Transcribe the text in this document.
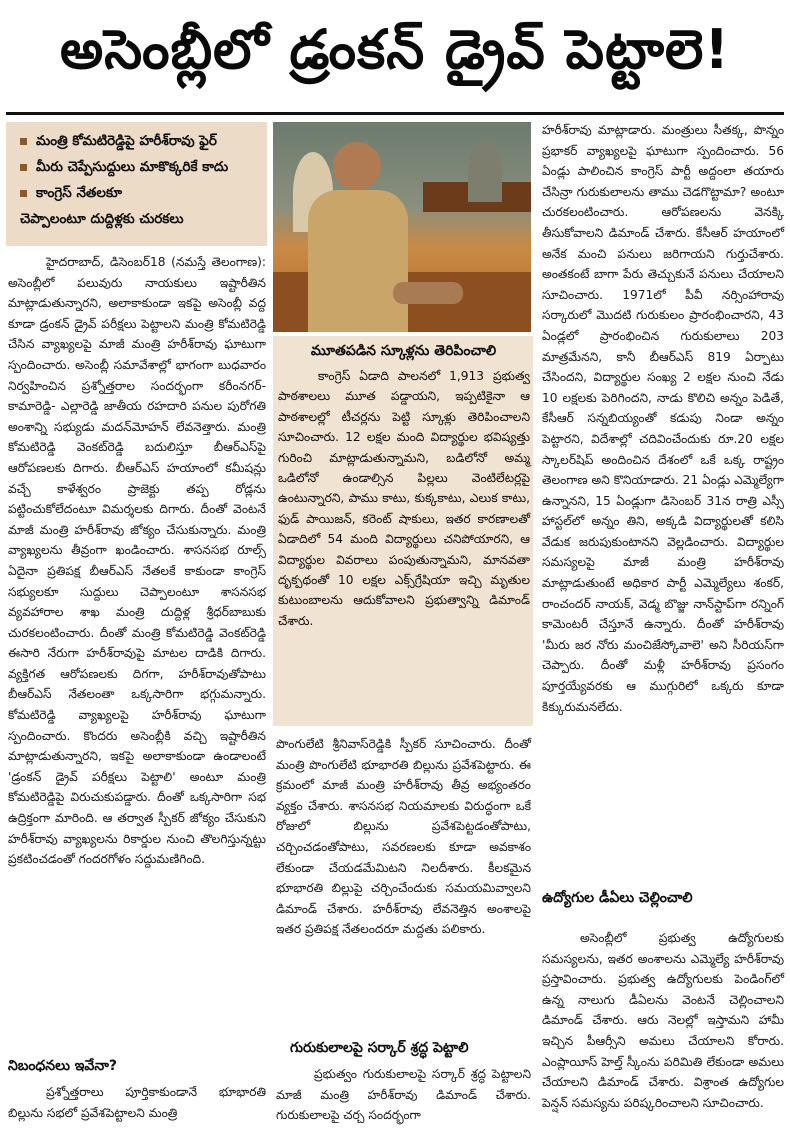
అసెంబ్లీలో డ్రంకన్ డ్రైవ్ పెట్టాలె!
మంత్రి కోమటిరెడ్డిపై హరీశ్‌రావు ఫైర్
మీరు చెప్పేసుద్దులు మాకొక్కరికే కాదు
కాంగ్రెస్ నేతలకూ
చెప్పాలంటూ దుద్దిళ్లకు చురకలు

హైదరాబాద్, డిసెంబర్18 (నమస్తే తెలంగాణ): అసెంబ్లీలో పలువురు నాయకులు ఇష్టారీతిన మాట్లాడుతున్నారని, అలాకాకుండా ఇకపై అసెంబ్లీ వద్ద కూడా డ్రంకన్ డ్రైవ్ పరీక్షలు పెట్టాలని మంత్రి కోమటిరెడ్డి చేసిన వ్యాఖ్యలపై మాజీ మంత్రి హరీశ్‌రావు ఘాటుగా స్పందించారు. అసెంబ్లీ సమావేశాల్లో భాగంగా బుధవారం నిర్వహించిన ప్రశ్నోత్తరాల సందర్భంగా కరీంనగర్-కామారెడ్డి- ఎల్లారెడ్డి జాతీయ రహదారి పనుల పురోగతి అంశాన్ని సభ్యుడు మదన్‌మోహన్ లేవనెత్తారు. మంత్రి కోమటిరెడ్డి వెంకట్‌రెడ్డి బదులిస్తూ బీఆర్ఎస్‌పై ఆరోపణలకు దిగారు. బీఆర్ఎస్ హయాంలో కమీషన్లు వచ్చే కాళేశ్వరం ప్రాజెక్టు తప్ప రోడ్లను పట్టించుకోలేదంటూ విమర్శలకు దిగారు. దీంతో వెంటనే మాజీ మంత్రి హరీశ్‌రావు జోక్యం చేసుకున్నారు. మంత్రి వ్యాఖ్యలను తీవ్రంగా ఖండించారు. శాసనసభ రూల్స్ ఏదైనా ప్రతిపక్ష బీఆర్ఎస్ నేతలకే కాకుండా కాంగ్రెస్ సభ్యులకూ సుద్దులు చెప్పాలంటూ శాసనసభ వ్యవహారాల శాఖ మంత్రి దుద్దిళ్ల శ్రీధర్‌బాబుకు చురకలంటించారు. దీంతో మంత్రి కోమటిరెడ్డి వెంకట్‌రెడ్డి ఈసారి నేరుగా హరీశ్‌రావుపై మాటల దాడికి దిగారు. వ్యక్తిగత ఆరోపణలకు దిగగా, హరీశ్‌రావుతోపాటు బీఆర్ఎస్ నేతలంతా ఒక్కసారిగా భగ్గుమన్నారు. కోమటిరెడ్డి వ్యాఖ్యలపై హరీశ్‌రావు ఘాటుగా స్పందించారు. కొందరు అసెంబ్లీకి వచ్చి ఇష్టారీతిన మాట్లాడుతున్నారని, ఇకపై అలాకాకుండా ఉండాలంటే 'డ్రంకన్ డ్రైవ్ పరీక్షలు పెట్టాలి' అంటూ మంత్రి కోమటిరెడ్డిపై విరుచుకుపడ్డారు. దీంతో ఒక్కసారిగా సభ ఉద్రిక్తంగా మారింది. ఆ తర్వాత స్పీకర్ జోక్యం చేసుకుని హరీశ్‌రావు వ్యాఖ్యలను రికార్డుల నుంచి తొలగిస్తున్నట్టు ప్రకటించడంతో గందరగోళం సద్దుమణిగింది.

నిబంధనలు ఇవేనా?

ప్రశ్నోత్తరాలు పూర్తికాకుండానే భూభారతి బిల్లును సభలో ప్రవేశపెట్టాలని మంత్రి

మూతపడిన స్కూళ్లను తెరిపించాలి

కాంగ్రెస్ ఏడాది పాలనలో 1,913 ప్రభుత్వ పాఠశాలలు మూత పడ్డాయని, ఇప్పటికైనా ఆ పాఠశాలల్లో టీచర్లను పెట్టి స్కూళ్లు తెరిపించాలని సూచించారు. 12 లక్షల మంది విద్యార్థుల భవిష్యత్తు గురించి మాట్లాడుతున్నామని, బడిలోనో అమ్మ ఒడిలోనో ఉండాల్సిన పిల్లలు వెంటిలేటర్లపై ఉంటున్నారని, పాము కాటు, కుక్కకాటు, ఎలుక కాటు, ఫుడ్ పాయిజన్, కరెంట్ షాకులు, ఇతర కారణాలతో ఏడాదిలో 54 మంది విద్యార్థులు చనిపోయారని, ఆ విద్యార్థుల వివరాలు పంపుతున్నామని, మానవతా దృక్పథంతో 10 లక్షల ఎక్స్‌గ్రేషియా ఇచ్చి మృతుల కుటుంబాలను ఆదుకోవాలని ప్రభుత్వాన్ని డిమాండ్ చేశారు.

పొంగులేటి శ్రీనివాస్‌రెడ్డికి స్పీకర్ సూచించారు. దీంతో మంత్రి పొంగులేటి భూభారతి బిల్లును ప్రవేశపెట్టారు. ఈ క్రమంలో మాజీ మంత్రి హరీశ్‌రావు తీవ్ర అభ్యంతరం వ్యక్తం చేశారు. శాసనసభ నియమాలకు విరుద్ధంగా ఒకే రోజులో బిల్లును ప్రవేశపెట్టడంతోపాటు, చర్చించడంతోపాటు, సవరణలకు కూడా అవకాశం లేకుండా చేయడమేమిటని నిలదీశారు. కీలకమైన భూభారతి బిల్లుపై చర్చించేందుకు సమయమివ్వాలని డిమాండ్ చేశారు. హరీశ్‌రావు లేవనెత్తిన అంశాలపై ఇతర ప్రతిపక్ష నేతలందరూ మద్దతు పలికారు.

గురుకులాలపై సర్కార్ శ్రద్ధ పెట్టాలి

ప్రభుత్వం గురుకులాలపై సర్కార్ శ్రద్ధ పెట్టాలని మాజీ మంత్రి హరీశ్‌రావు డిమాండ్ చేశారు. గురుకులాలపై చర్చ సందర్భంగా

హరీశ్‌రావు మాట్లాడారు. మంత్రులు సీతక్క, పొన్నం ప్రభాకర్ వ్యాఖ్యలపై ఘాటుగా స్పందించారు. 56 ఏండ్లు పాలించిన కాంగ్రెస్ పార్టీ అద్దంలా తయారు చేసిన్రా గురుకులాలను తాము చెడగొట్టామా? అంటూ చురకలంటించారు. ఆరోపణలను వెనక్కి తీసుకోవాలని డిమాండ్ చేశారు. కేసీఆర్ హయాంలో అనేక మంచి పనులు జరిగాయని గుర్తుచేశారు. అంతకంటే బాగా పేరు తెచ్చుకునే పనులు చేయాలని సూచించారు. 1971లో పీవీ నర్సింహారావు సర్కారులో మొదటి గురుకులం ప్రారంభించారని, 43 ఏండ్లలో ప్రారంభించిన గురుకులాలు 203 మాత్రమేనని, కానీ బీఆర్ఎస్ 819 ఏర్పాటు చేసిందని, విద్యార్థుల సంఖ్య 2 లక్షల నుంచి నేడు 10 లక్షలకు పెరిగిందని, నాడు కొలిచి అన్నం పెడితే, కేసీఆర్ సన్నబియ్యంతో కడుపు నిండా అన్నం పెట్టారని, విదేశాల్లో చదివించేందుకు రూ.20 లక్షల స్కాలర్‌షిప్ అందించిన దేశంలో ఒకే ఒక్క రాష్ట్రం తెలంగాణ అని కొనియాడారు. 21 ఏండ్లు ఎమ్మెల్యేగా ఉన్నానని, 15 ఏండ్లుగా డిసెంబర్ 31న రాత్రి ఎస్సీ హాస్టల్‌లో అన్నం తిని, అక్కడి విద్యార్థులతో కలిసి వేడుక జరుపుకుంటానని వెల్లడించారు. విద్యార్థుల సమస్యలపై మాజీ మంత్రి హరీశ్‌రావు మాట్లాడుతుంటే అధికార పార్టీ ఎమ్మెల్యేలు శంకర్, రాంచందర్ నాయక్, వెడ్మ బొజ్జు నాన్‌స్టాప్‌గా రన్నింగ్ కామెంటరీ చేస్తూనే ఉన్నారు. దీంతో హరీశ్‌రావు 'మీరు జర నోరు మంచిజేస్కోవాలె' అని సీరియస్‌గా చెప్పారు. దీంతో మళ్లీ హరీశ్‌రావు ప్రసంగం పూర్తయ్యేవరకు ఆ ముగ్గురిలో ఒక్కరు కూడా కిక్కురుమనలేదు.

ఉద్యోగుల డీఏలు చెల్లించాలి

అసెంబ్లీలో ప్రభుత్వ ఉద్యోగులకు సమస్యలను, ఇతర అంశాలను ఎమ్మెల్యే హరీశ్‌రావు ప్రస్తావించారు. ప్రభుత్వ ఉద్యోగులకు పెండింగ్‌లో ఉన్న నాలుగు డీఏలను వెంటనే చెల్లించాలని డిమాండ్ చేశారు. ఆరు నెలల్లో ఇస్తామని హామీ ఇచ్చిన పీఆర్సీని అమలు చేయాలని కోరారు. ఎంప్లాయీస్ హెల్త్ స్కీంను పరిమితి లేకుండా అమలు చేయాలని డిమాండ్ చేశారు. విశ్రాంత ఉద్యోగుల పెన్షన్ సమస్యను పరిష్కరించాలని సూచించారు.
